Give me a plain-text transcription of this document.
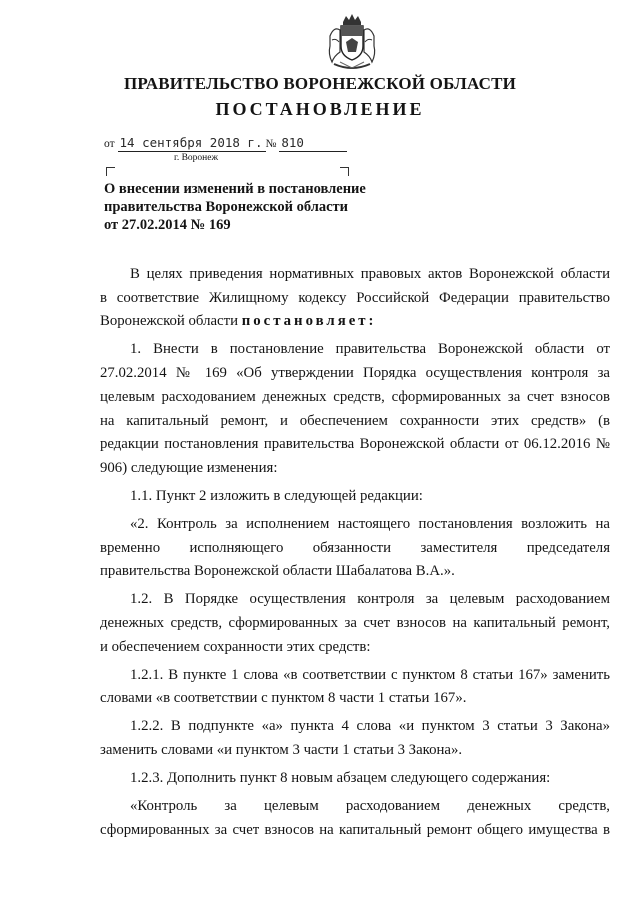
ПРАВИТЕЛЬСТВО ВОРОНЕЖСКОЙ ОБЛАСТИ
ПОСТАНОВЛЕНИЕ
от 14 сентября 2018 г. № 810
г. Воронеж
О внесении изменений в постановление
правительства Воронежской области
от 27.02.2014 № 169

В целях приведения нормативных правовых актов Воронежской области

в соответствие Жилищному кодексу Российской Федерации правительство

Воронежской области постановляет:

1. Внести в постановление правительства Воронежской области от

27.02.2014 № 169 «Об утверждении Порядка осуществления контроля за

целевым расходованием денежных средств, сформированных за счет взносов

на капитальный ремонт, и обеспечением сохранности этих средств» (в

редакции постановления правительства Воронежской области от 06.12.2016 №

906) следующие изменения:

1.1. Пункт 2 изложить в следующей редакции:

«2. Контроль за исполнением настоящего постановления возложить на

временно исполняющего обязанности заместителя председателя

правительства Воронежской области Шабалатова В.А.».

1.2. В Порядке осуществления контроля за целевым расходованием

денежных средств, сформированных за счет взносов на капитальный ремонт,

и обеспечением сохранности этих средств:

1.2.1. В пункте 1 слова «в соответствии с пунктом 8 статьи 167» заменить

словами «в соответствии с пунктом 8 части 1 статьи 167».

1.2.2. В подпункте «а» пункта 4 слова «и пунктом 3 статьи 3 Закона»

заменить словами «и пунктом 3 части 1 статьи 3 Закона».

1.2.3. Дополнить пункт 8 новым абзацем следующего содержания:

«Контроль за целевым расходованием денежных средств,

сформированных за счет взносов на капитальный ремонт общего имущества в
